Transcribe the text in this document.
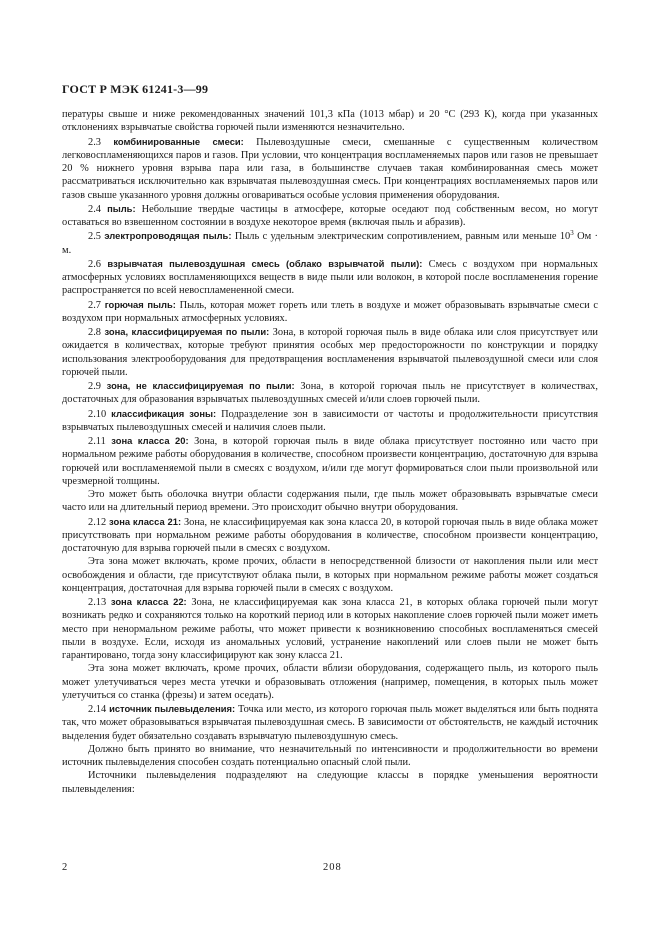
ГОСТ Р МЭК 61241-3—99

пературы свыше и ниже рекомендованных значений 101,3 кПа (1013 мбар) и 20 °С (293 К), когда при указанных отклонениях взрывчатые свойства горючей пыли изменяются незначительно.

2.3 комбинированные смеси: Пылевоздушные смеси, смешанные с существенным количеством легковоспламеняющихся паров и газов. При условии, что концентрация воспламеняемых паров или газов не превышает 20 % нижнего уровня взрыва пара или газа, в большинстве случаев такая комбинированная смесь может рассматриваться исключительно как взрывчатая пылевоздушная смесь. При концентрациях воспламеняемых паров или газов свыше указанного уровня должны оговариваться особые условия применения оборудования.

2.4 пыль: Небольшие твердые частицы в атмосфере, которые оседают под собственным весом, но могут оставаться во взвешенном состоянии в воздухе некоторое время (включая пыль и абразив).

2.5 электропроводящая пыль: Пыль с удельным электрическим сопротивлением, равным или меньше $10^3$ Ом · м.

2.6 взрывчатая пылевоздушная смесь (облако взрывчатой пыли): Смесь с воздухом при нормальных атмосферных условиях воспламеняющихся веществ в виде пыли или волокон, в которой после воспламенения горение распространяется по всей невоспламененной смеси.

2.7 горючая пыль: Пыль, которая может гореть или тлеть в воздухе и может образовывать взрывчатые смеси с воздухом при нормальных атмосферных условиях.

2.8 зона, классифицируемая по пыли: Зона, в которой горючая пыль в виде облака или слоя присутствует или ожидается в количествах, которые требуют принятия особых мер предосторожности по конструкции и порядку использования электрооборудования для предотвращения воспламенения взрывчатой пылевоздушной смеси или слоя горючей пыли.

2.9 зона, не классифицируемая по пыли: Зона, в которой горючая пыль не присутствует в количествах, достаточных для образования взрывчатых пылевоздушных смесей и/или слоев горючей пыли.

2.10 классификация зоны: Подразделение зон в зависимости от частоты и продолжительности присутствия взрывчатых пылевоздушных смесей и наличия слоев пыли.

2.11 зона класса 20: Зона, в которой горючая пыль в виде облака присутствует постоянно или часто при нормальном режиме работы оборудования в количестве, способном произвести концентрацию, достаточную для взрыва горючей или воспламеняемой пыли в смесях с воздухом, и/или где могут формироваться слои пыли произвольной или чрезмерной толщины.

Это может быть оболочка внутри области содержания пыли, где пыль может образовывать взрывчатые смеси часто или на длительный период времени. Это происходит обычно внутри оборудования.

2.12 зона класса 21: Зона, не классифицируемая как зона класса 20, в которой горючая пыль в виде облака может присутствовать при нормальном режиме работы оборудования в количестве, способном произвести концентрацию, достаточную для взрыва горючей пыли в смесях с воздухом.

Эта зона может включать, кроме прочих, области в непосредственной близости от накопления пыли или мест освобождения и области, где присутствуют облака пыли, в которых при нормальном режиме работы может создаться концентрация, достаточная для взрыва горючей пыли в смесях с воздухом.

2.13 зона класса 22: Зона, не классифицируемая как зона класса 21, в которых облака горючей пыли могут возникать редко и сохраняются только на короткий период или в которых накопление слоев горючей пыли может иметь место при ненормальном режиме работы, что может привести к возникновению способных воспламеняться смесей пыли в воздухе. Если, исходя из аномальных условий, устранение накоплений или слоев пыли не может быть гарантировано, тогда зону классифицируют как зону класса 21.

Эта зона может включать, кроме прочих, области вблизи оборудования, содержащего пыль, из которого пыль может улетучиваться через места утечки и образовывать отложения (например, помещения, в которых пыль может улетучиться со станка (фрезы) и затем оседать).

2.14 источник пылевыделения: Точка или место, из которого горючая пыль может выделяться или быть поднята так, что может образовываться взрывчатая пылевоздушная смесь. В зависимости от обстоятельств, не каждый источник выделения будет обязательно создавать взрывчатую пылевоздушную смесь.

Должно быть принято во внимание, что незначительный по интенсивности и продолжительности во времени источник пылевыделения способен создать потенциально опасный слой пыли.

Источники пылевыделения подразделяют на следующие классы в порядке уменьшения вероятности пылевыделения:

2	208
